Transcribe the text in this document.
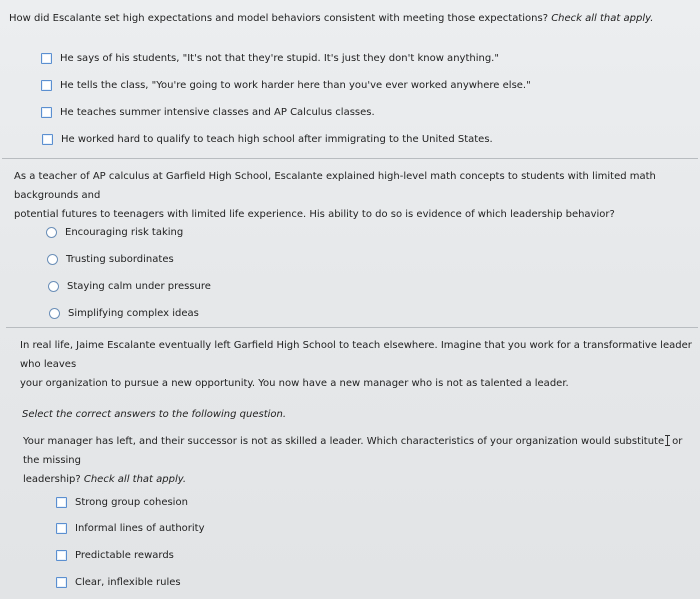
How did Escalante set high expectations and model behaviors consistent with meeting those expectations? Check all that apply.
He says of his students, "It's not that they're stupid. It's just they don't know anything."
He tells the class, "You're going to work harder here than you've ever worked anywhere else."
He teaches summer intensive classes and AP Calculus classes.
He worked hard to qualify to teach high school after immigrating to the United States.
As a teacher of AP calculus at Garfield High School, Escalante explained high-level math concepts to students with limited math backgrounds and
potential futures to teenagers with limited life experience. His ability to do so is evidence of which leadership behavior?
Encouraging risk taking
Trusting subordinates
Staying calm under pressure
Simplifying complex ideas
In real life, Jaime Escalante eventually left Garfield High School to teach elsewhere. Imagine that you work for a transformative leader who leaves
your organization to pursue a new opportunity. You now have a new manager who is not as talented a leader.
Select the correct answers to the following question.
Your manager has left, and their successor is not as skilled a leader. Which characteristics of your organization would substitute or the missing
leadership? Check all that apply.
Strong group cohesion
Informal lines of authority
Predictable rewards
Clear, inflexible rules
